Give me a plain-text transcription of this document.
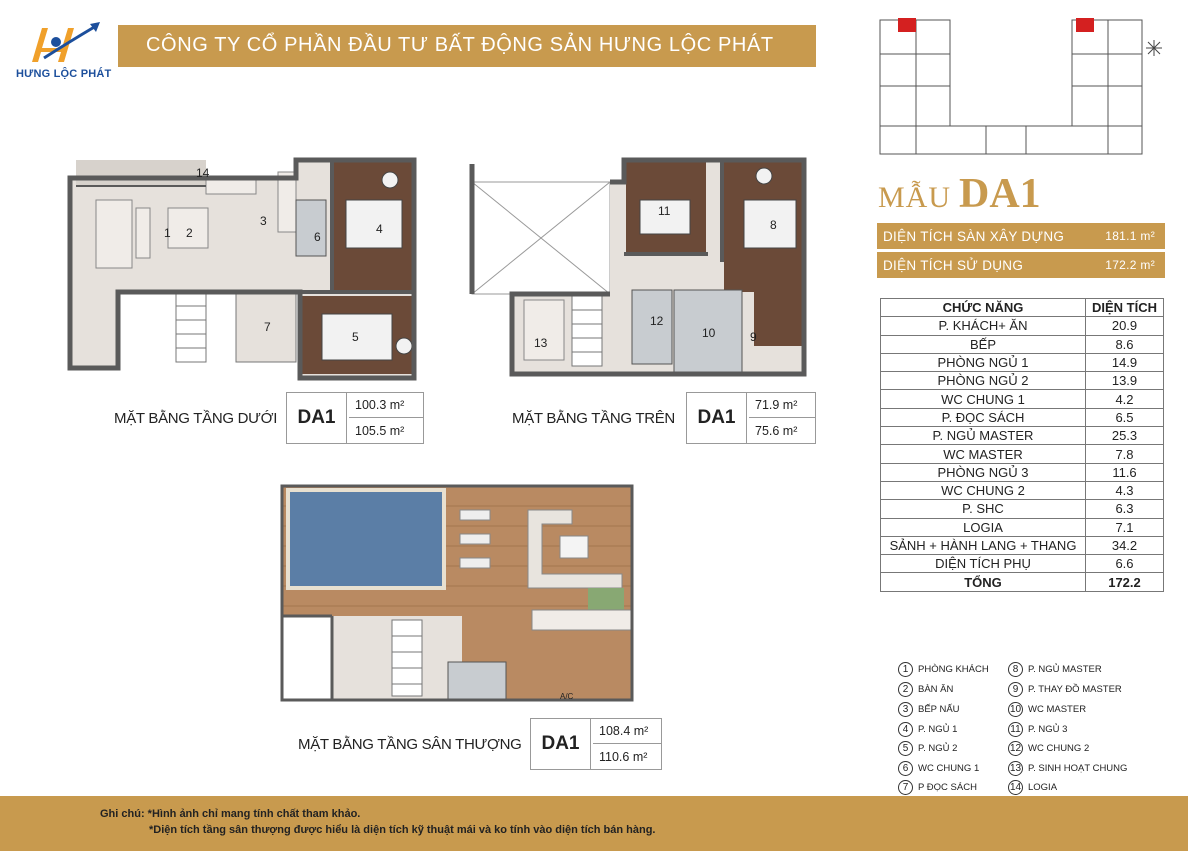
HƯNG LỘC PHÁT
CÔNG TY CỔ PHẦN ĐẦU TƯ BẤT ĐỘNG SẢN HƯNG LỘC PHÁT
1 2
3
4
5
6
7
14
MẶT BẰNG TẦNG DƯỚI	DA1
100.3 m²
105.5 m²
11
8
9
10
12
13
MẶT BẰNG TẦNG TRÊN	DA1
71.9 m²
75.6 m²
A/C
MẶT BẰNG TẦNG SÂN THƯỢNG	DA1
108.4 m²
110.6 m²
MẪU DA1
DIỆN TÍCH SÀN XÂY DỰNG	181.1 m²
DIỆN TÍCH SỬ DỤNG	172.2 m²
CHỨC NĂNG	DIỆN TÍCH
P. KHÁCH+ ĂN	20.9
BẾP	8.6
PHÒNG NGỦ 1	14.9
PHÒNG NGỦ 2	13.9
WC CHUNG 1	4.2
P. ĐỌC SÁCH	6.5
P. NGỦ MASTER	25.3
WC MASTER	7.8
PHÒNG NGỦ 3	11.6
WC CHUNG 2	4.3
P. SHC	6.3
LOGIA	7.1
SẢNH + HÀNH LANG + THANG	34.2
DIỆN TÍCH PHỤ	6.6
TỔNG	172.2
1	PHÒNG KHÁCH
2	BÀN ĂN
3	BẾP NẤU
4	P. NGỦ 1
5	P. NGỦ 2
6	WC CHUNG 1
7	P ĐỌC SÁCH
8	P. NGỦ MASTER
9	P. THAY ĐỒ MASTER
10 WC MASTER
11 P. NGỦ 3
12 WC CHUNG 2
13 P. SINH HOẠT CHUNG
14 LOGIA
Ghi chú: *Hình ảnh chỉ mang tính chất tham khảo.
*Diện tích tầng sân thượng được hiểu là diện tích kỹ thuật mái và ko tính vào diện tích bán hàng.
